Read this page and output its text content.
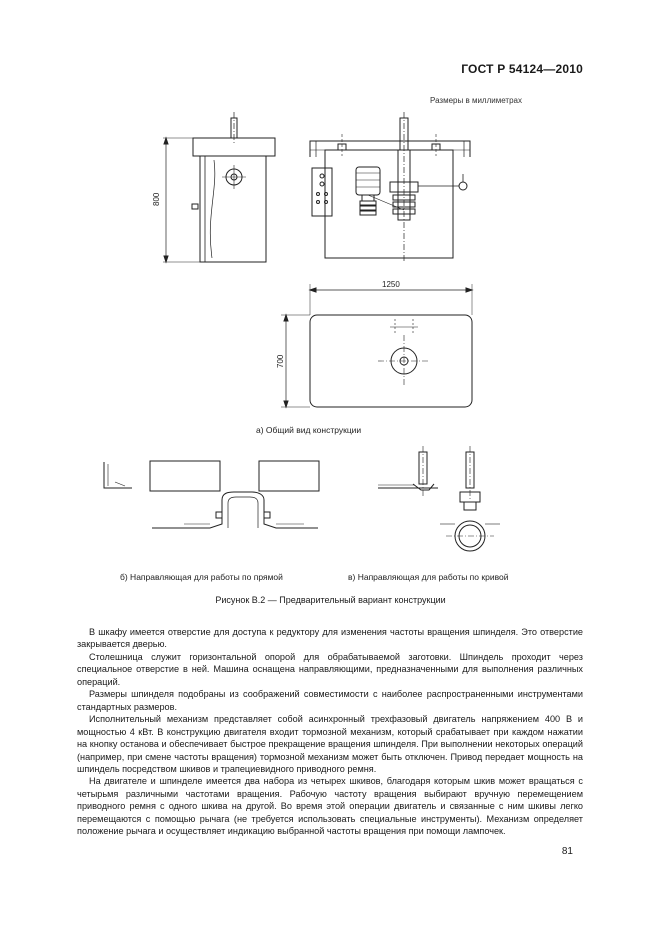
ГОСТ Р 54124—2010
Размеры в миллиметрах
800
1250
700
а) Общий вид конструкции
б) Направляющая для работы по прямой	в) Направляющая для работы по кривой
Рисунок В.2 — Предварительный вариант конструкции

В шкафу имеется отверстие для доступа к редуктору для изменения частоты вращения шпинделя. Это отверстие закрывается дверью.

Столешница служит горизонтальной опорой для обрабатываемой заготовки. Шпиндель проходит через специальное отверстие в ней. Машина оснащена направляющими, предназначенными для выполнения различных операций.

Размеры шпинделя подобраны из соображений совместимости с наиболее распространенными инструментами стандартных размеров.

Исполнительный механизм представляет собой асинхронный трехфазовый двигатель напряжением 400 В и мощностью 4 кВт. В конструкцию двигателя входит тормозной механизм, который срабатывает при каждом нажатии на кнопку останова и обеспечивает быстрое прекращение вращения шпинделя. При выполнении некоторых операций (например, при смене частоты вращения) тормозной механизм может быть отключен. Привод передает мощность на шпиндель посредством шкивов и трапециевидного приводного ремня.

На двигателе и шпинделе имеется два набора из четырех шкивов, благодаря которым шкив может вращаться с четырьмя различными частотами вращения. Рабочую частоту вращения выбирают вручную перемещением приводного ремня с одного шкива на другой. Во время этой операции двигатель и связанные с ним шкивы легко перемещаются с помощью рычага (не требуется использовать специальные инструменты). Механизм определяет положение рычага и осуществляет индикацию выбранной частоты вращения при помощи лампочек.

81
